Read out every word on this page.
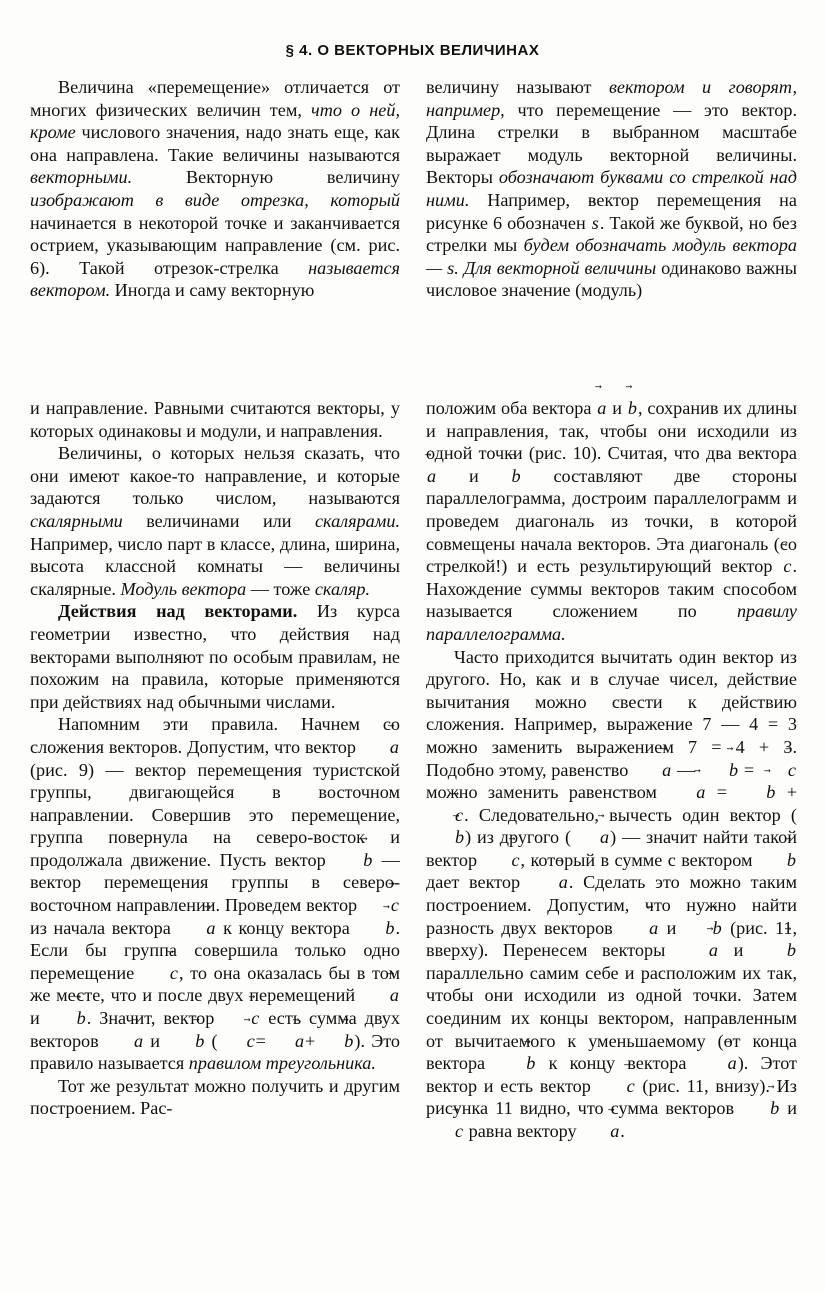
§ 4. О ВЕКТОРНЫХ ВЕЛИЧИНАХ

Величина «перемещение» отличается от многих физических величин тем, что о ней, кроме числового значения, надо знать еще, как она направлена. Такие величины называются векторными. Векторную величину изображают в виде отрезка, который начинается в некоторой точке и заканчивается острием, указывающим направление (см. рис. 6). Такой отрезок-стрелка называется вектором. Иногда и саму векторную

величину называют вектором и говорят, например, что перемещение — это вектор. Длина стрелки в выбранном масштабе выражает модуль векторной величины. Векторы обозначают буквами со стрелкой над ними. Например, вектор перемещения на рисунке 6 обозначен ⃗ s. Такой же буквой, но без стрелки мы будем обозначать модуль вектора — s. Для векторной величины одинаково важны числовое значение (модуль)

и направление. Равными считаются векторы, у которых одинаковы и модули, и направления.

Величины, о которых нельзя сказать, что они имеют какое-то направление, и которые задаются только числом, называются скалярными величинами или скалярами. Например, число парт в классе, длина, ширина, высота классной комнаты — величины скалярные. Модуль вектора — тоже скаляр.

Действия над векторами. Из курса геометрии известно, что действия над векторами выполняют по особым правилам, не похожим на правила, которые применяются при действиях над обычными числами.

Напомним эти правила. Начнем со сложения векторов. Допустим, что вектор ⃗ a (рис. 9) — вектор перемещения туристской группы, двигающейся в восточном направлении. Совершив это перемещение, группа повернула на северо-восток и продолжала движение. Пусть вектор ⃗ b — вектор перемещения группы в северо-восточном направлении. Проведем вектор ⃗ c из начала вектора ⃗ a к концу вектора ⃗ b. Если бы группа совершила только одно перемещение ⃗ c, то она оказалась бы в том же месте, что и после двух перемещений ⃗ a и ⃗ b. Значит, вектор ⃗ c есть сумма двух векторов ⃗ a и ⃗ b ( ⃗ c= ⃗ a+ ⃗ b). Это правило называется правилом треугольника.

Тот же результат можно получить и другим построением. Рас-

положим оба вектора ⃗ a и ⃗ b, сохранив их длины и направления, так, чтобы они исходили из одной точки (рис. 10). Считая, что два вектора ⃗ a и ⃗ b составляют две стороны параллелограмма, достроим параллелограмм и проведем диагональ из точки, в которой совмещены начала векторов. Эта диагональ (со стрелкой!) и есть результирующий вектор ⃗ c. Нахождение суммы векторов таким способом называется сложением по правилу параллелограмма.

Часто приходится вычитать один вектор из другого. Но, как и в случае чисел, действие вычитания можно свести к действию сложения. Например, выражение 7 — 4 = 3 можно заменить выражением 7 = 4 + 3. Подобно этому, равенство ⃗ a — ⃗ b = ⃗ c можно заменить равенством ⃗ a = ⃗ b + ⃗ c. Следовательно, вычесть один вектор (⃗ b) из другого ( ⃗ a) — значит найти такой вектор ⃗ c, который в сумме с вектором ⃗ b дает вектор ⃗ a. Сделать это можно таким построением. Допустим, что нужно найти разность двух векторов ⃗ a и ⃗ b (рис. 11, вверху). Перенесем векторы ⃗ a и ⃗ b параллельно самим себе и расположим их так, чтобы они исходили из одной точки. Затем соединим их концы вектором, направленным от вычитаемого к уменьшаемому (от конца вектора ⃗ b к концу вектора ⃗ a). Этот вектор и есть вектор ⃗ c (рис. 11, внизу). Из рисунка 11 видно, что сумма векторов ⃗ b и ⃗ c равна вектору ⃗ a.
